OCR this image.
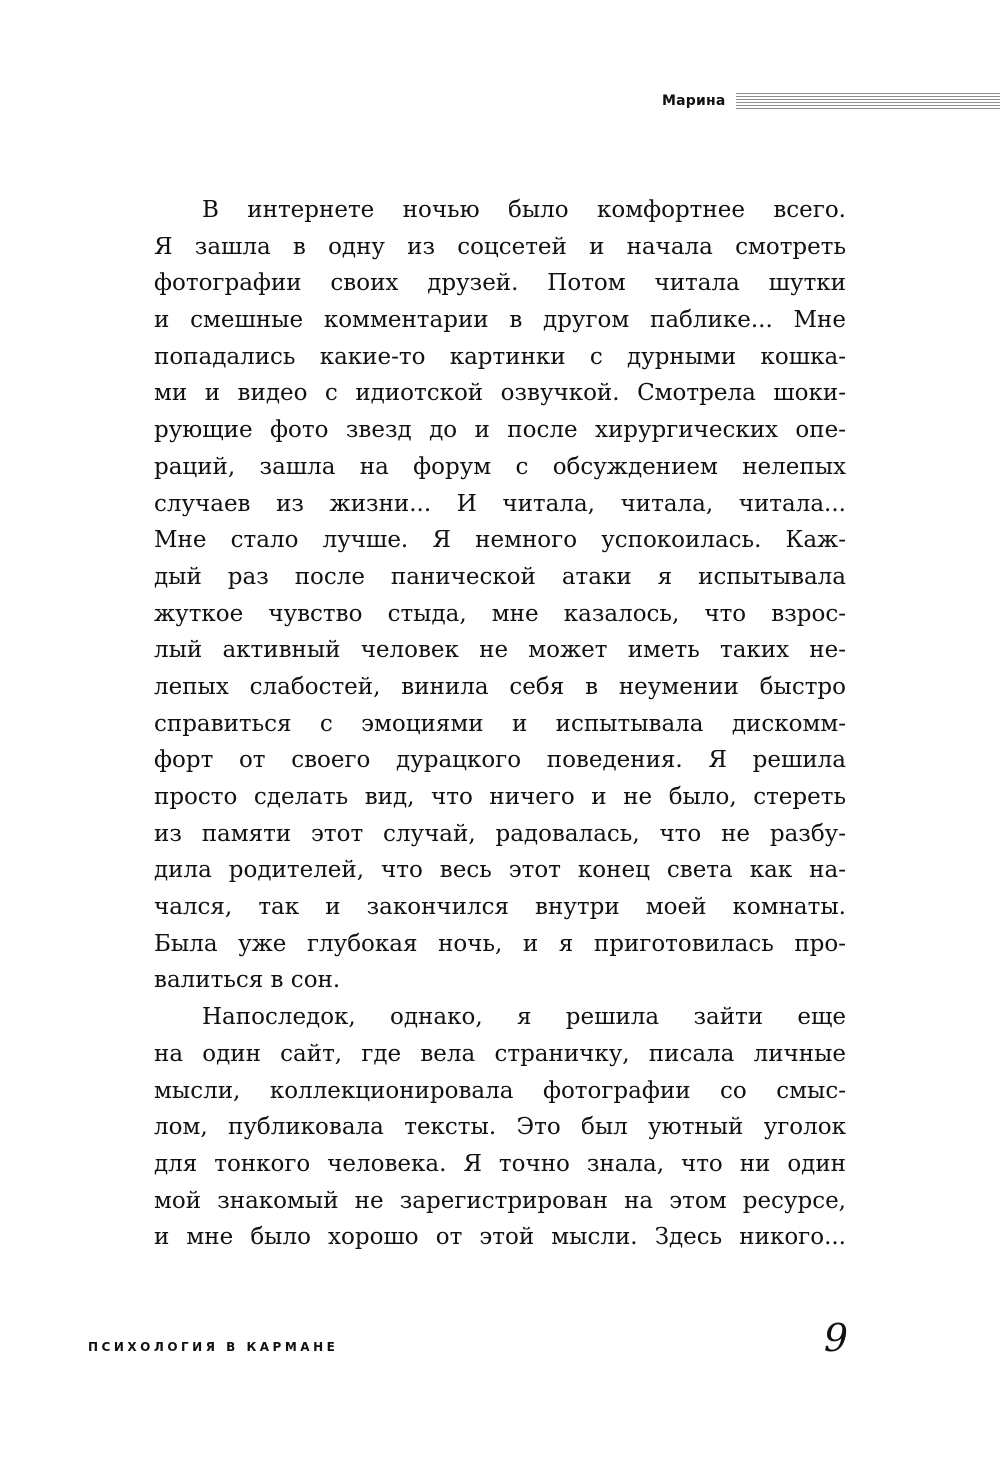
Марина
В интернете ночью было комфортнее всего.
Я зашла в одну из соцсетей и начала смотреть
фотографии своих друзей. Потом читала шутки
и смешные комментарии в другом паблике... Мне
попадались какие-то картинки с дурными кошка-
ми и видео с идиотской озвучкой. Смотрела шоки-
рующие фото звезд до и после хирургических опе-
раций, зашла на форум с обсуждением нелепых
случаев из жизни... И читала, читала, читала...
Мне стало лучше. Я немного успокоилась. Каж-
дый раз после панической атаки я испытывала
жуткое чувство стыда, мне казалось, что взрос-
лый активный человек не может иметь таких не-
лепых слабостей, винила себя в неумении быстро
справиться с эмоциями и испытывала дискомм-
форт от своего дурацкого поведения. Я решила
просто сделать вид, что ничего и не было, стереть
из памяти этот случай, радовалась, что не разбу-
дила родителей, что весь этот конец света как на-
чался, так и закончился внутри моей комнаты.
Была уже глубокая ночь, и я приготовилась про-
валиться в сон.
Напоследок, однако, я решила зайти еще
на один сайт, где вела страничку, писала личные
мысли, коллекционировала фотографии со смыс-
лом, публиковала тексты. Это был уютный уголок
для тонкого человека. Я точно знала, что ни один
мой знакомый не зарегистрирован на этом ресурсе,
и мне было хорошо от этой мысли. Здесь никого...
ПСИХОЛОГИЯ В КАРМАНЕ	9
